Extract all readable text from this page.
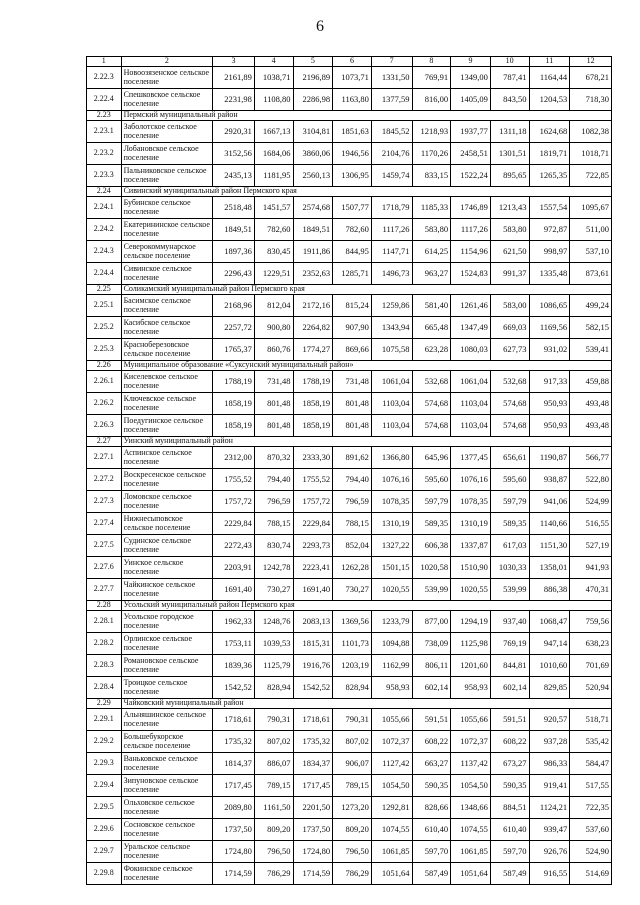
6
1	2	3	4	5	6	7	8	9	10	11	12
2.22.3	Новоозязенское сельское поселение	2161,89	1038,71	2196,89	1073,71	1331,50	769,91	1349,00	787,41	1164,44	678,21
2.22.4	Спешковское сельское поселение	2231,98	1108,80	2286,98	1163,80	1377,59	816,00	1405,09	843,50	1204,53	718,30
2.23	Пермский муниципальный район										
2.23.1	Заболотское сельское поселение	2920,31	1667,13	3104,81	1851,63	1845,52	1218,93	1937,77	1311,18	1624,68	1082,38
2.23.2	Лобановское сельское поселение	3152,56	1684,06	3860,06	1946,56	2104,76	1170,26	2458,51	1301,51	1819,71	1018,71
2.23.3	Пальниковское сельское поселение	2435,13	1181,95	2560,13	1306,95	1459,74	833,15	1522,24	895,65	1265,35	722,85
2.24	Сивинский муниципальный район Пермского края										
2.24.1	Бубинское сельское поселение	2518,48	1451,57	2574,68	1507,77	1718,79	1185,33	1746,89	1213,43	1557,54	1095,67
2.24.2	Екатерининское сельское поселение	1849,51	782,60	1849,51	782,60	1117,26	583,80	1117,26	583,80	972,87	511,00
2.24.3	Северокоммунарское сельское поселение	1897,36	830,45	1911,86	844,95	1147,71	614,25	1154,96	621,50	998,97	537,10
2.24.4	Сивинское сельское поселение	2296,43	1229,51	2352,63	1285,71	1496,73	963,27	1524,83	991,37	1335,48	873,61
2.25	Соликамский муниципальный район Пермского края										
2.25.1	Басимское сельское поселение	2168,96	812,04	2172,16	815,24	1259,86	581,40	1261,46	583,00	1086,65	499,24
2.25.2	Касибское сельское поселение	2257,72	900,80	2264,82	907,90	1343,94	665,48	1347,49	669,03	1169,56	582,15
2.25.3	Красноберезовское сельское поселение	1765,37	860,76	1774,27	869,66	1075,58	623,28	1080,03	627,73	931,02	539,41
2.26	Муниципальное образование «Суксунский муниципальный район»										
2.26.1	Киселевское сельское поселение	1788,19	731,48	1788,19	731,48	1061,04	532,68	1061,04	532,68	917,33	459,88
2.26.2	Ключевское сельское поселение	1858,19	801,48	1858,19	801,48	1103,04	574,68	1103,04	574,68	950,93	493,48
2.26.3	Поедугинское сельское поселение	1858,19	801,48	1858,19	801,48	1103,04	574,68	1103,04	574,68	950,93	493,48
2.27	Уинский муниципальный район										
2.27.1	Аспинское сельское поселение	2312,00	870,32	2333,30	891,62	1366,80	645,96	1377,45	656,61	1190,87	566,77
2.27.2	Воскресенское сельское поселение	1755,52	794,40	1755,52	794,40	1076,16	595,60	1076,16	595,60	938,87	522,80
2.27.3	Ломовское сельское поселение	1757,72	796,59	1757,72	796,59	1078,35	597,79	1078,35	597,79	941,06	524,99
2.27.4	Нижнесыповское сельское поселение	2229,84	788,15	2229,84	788,15	1310,19	589,35	1310,19	589,35	1140,66	516,55
2.27.5	Судинское сельское поселение	2272,43	830,74	2293,73	852,04	1327,22	606,38	1337,87	617,03	1151,30	527,19
2.27.6	Уинское сельское поселение	2203,91	1242,78	2223,41	1262,28	1501,15	1020,58	1510,90	1030,33	1358,01	941,93
2.27.7	Чайкинское сельское поселение	1691,40	730,27	1691,40	730,27	1020,55	539,99	1020,55	539,99	886,38	470,31
2.28	Усольский муниципальный район Пермского края										
2.28.1	Усольское городское поселение	1962,33	1248,76	2083,13	1369,56	1233,79	877,00	1294,19	937,40	1068,47	759,56
2.28.2	Орлинское сельское поселение	1753,11	1039,53	1815,31	1101,73	1094,88	738,09	1125,98	769,19	947,14	638,23
2.28.3	Романовское сельское поселение	1839,36	1125,79	1916,76	1203,19	1162,99	806,11	1201,60	844,81	1010,60	701,69
2.28.4	Троицкое сельское поселение	1542,52	828,94	1542,52	828,94	958,93	602,14	958,93	602,14	829,85	520,94
2.29	Чайковский муниципальный район										
2.29.1	Альняшинское сельское поселение	1718,61	790,31	1718,61	790,31	1055,66	591,51	1055,66	591,51	920,57	518,71
2.29.2	Большебукорское сельское поселение	1735,32	807,02	1735,32	807,02	1072,37	608,22	1072,37	608,22	937,28	535,42
2.29.3	Ваньковское сельское поселение	1814,37	886,07	1834,37	906,07	1127,42	663,27	1137,42	673,27	986,33	584,47
2.29.4	Зипуновское сельское поселение	1717,45	789,15	1717,45	789,15	1054,50	590,35	1054,50	590,35	919,41	517,55
2.29.5	Ольховское сельское поселение	2089,80	1161,50	2201,50	1273,20	1292,81	828,66	1348,66	884,51	1124,21	722,35
2.29.6	Сосновское сельское поселение	1737,50	809,20	1737,50	809,20	1074,55	610,40	1074,55	610,40	939,47	537,60
2.29.7	Уральское сельское поселение	1724,80	796,50	1724,80	796,50	1061,85	597,70	1061,85	597,70	926,76	524,90
2.29.8	Фокинское сельское поселение	1714,59	786,29	1714,59	786,29	1051,64	587,49	1051,64	587,49	916,55	514,69
